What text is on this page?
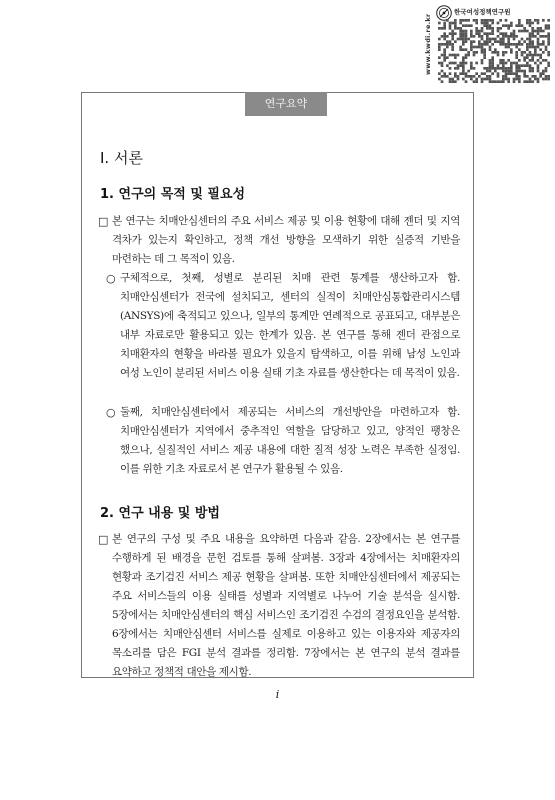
www.kwdi.re.kr
한국여성정책연구원
연구요약
Ⅰ. 서론
1. 연구의 목적 및 필요성
□ 본 연구는 치매안심센터의 주요 서비스 제공 및 이용 현황에 대해 젠더 및 지역 격차가 있는지 확인하고, 정책 개선 방향을 모색하기 위한 실증적 기반을 마련하는 데 그 목적이 있음.
○ 구체적으로, 첫째, 성별로 분리된 치매 관련 통계를 생산하고자 함. 치매안심센터가 전국에 설치되고, 센터의 실적이 치매안심통합관리시스템(ANSYS)에 축적되고 있으나, 일부의 통계만 연례적으로 공표되고, 대부분은 내부 자료로만 활용되고 있는 한계가 있음. 본 연구를 통해 젠더 관점으로 치매환자의 현황을 바라볼 필요가 있을지 탐색하고, 이를 위해 남성 노인과 여성 노인이 분리된 서비스 이용 실태 기초 자료를 생산한다는 데 목적이 있음.
○ 둘째, 치매안심센터에서 제공되는 서비스의 개선방안을 마련하고자 함. 치매안심센터가 지역에서 중추적인 역할을 담당하고 있고, 양적인 팽창은 했으나, 실질적인 서비스 제공 내용에 대한 질적 성장 노력은 부족한 실정임. 이를 위한 기초 자료로서 본 연구가 활용될 수 있음.
2. 연구 내용 및 방법
□ 본 연구의 구성 및 주요 내용을 요약하면 다음과 같음. 2장에서는 본 연구를 수행하게 된 배경을 문헌 검토를 통해 살펴봄. 3장과 4장에서는 치매환자의 현황과 조기검진 서비스 제공 현황을 살펴봄. 또한 치매안심센터에서 제공되는 주요 서비스들의 이용 실태를 성별과 지역별로 나누어 기술 분석을 실시함. 5장에서는 치매안심센터의 핵심 서비스인 조기검진 수검의 결정요인을 분석함. 6장에서는 치매안심센터 서비스를 실제로 이용하고 있는 이용자와 제공자의 목소리를 담은 FGI 분석 결과를 정리함. 7장에서는 본 연구의 분석 결과를 요약하고 정책적 대안을 제시함.
i
